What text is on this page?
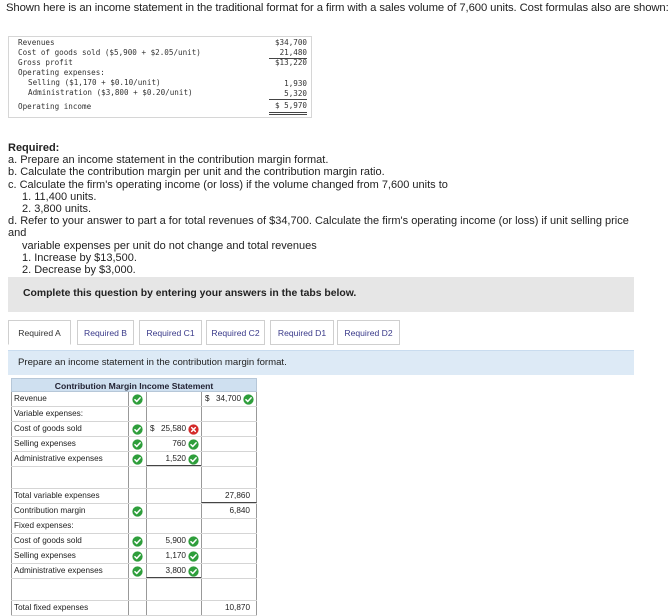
Shown here is an income statement in the traditional format for a firm with a sales volume of 7,600 units. Cost formulas also are shown:
Revenues	$34,700
Cost of goods sold ($5,900 + $2.05/unit)	21,480
Gross profit	$13,220
Operating expenses:
Selling ($1,170 + $0.10/unit)	1,930
Administration ($3,800 + $0.20/unit)	5,320
Operating income	$ 5,970
Required:
a. Prepare an income statement in the contribution margin format.
b. Calculate the contribution margin per unit and the contribution margin ratio.
c. Calculate the firm's operating income (or loss) if the volume changed from 7,600 units to
1. 11,400 units.
2. 3,800 units.
d. Refer to your answer to part a for total revenues of $34,700. Calculate the firm's operating income (or loss) if unit selling price and
variable expenses per unit do not change and total revenues
1. Increase by $13,500.
2. Decrease by $3,000.
Complete this question by entering your answers in the tabs below.
Required A	Required B	Required C1	Required C2	Required D1	Required D2
Prepare an income statement in the contribution margin format.
Contribution Margin Income Statement
Revenue	$ 34,700
Variable expenses:
Cost of goods sold	$ 25,580
Selling expenses	760
Administrative expenses	1,520
Total variable expenses	27,860
Contribution margin	6,840
Fixed expenses:
Cost of goods sold	5,900
Selling expenses	1,170
Administrative expenses	3,800
Total fixed expenses	10,870
